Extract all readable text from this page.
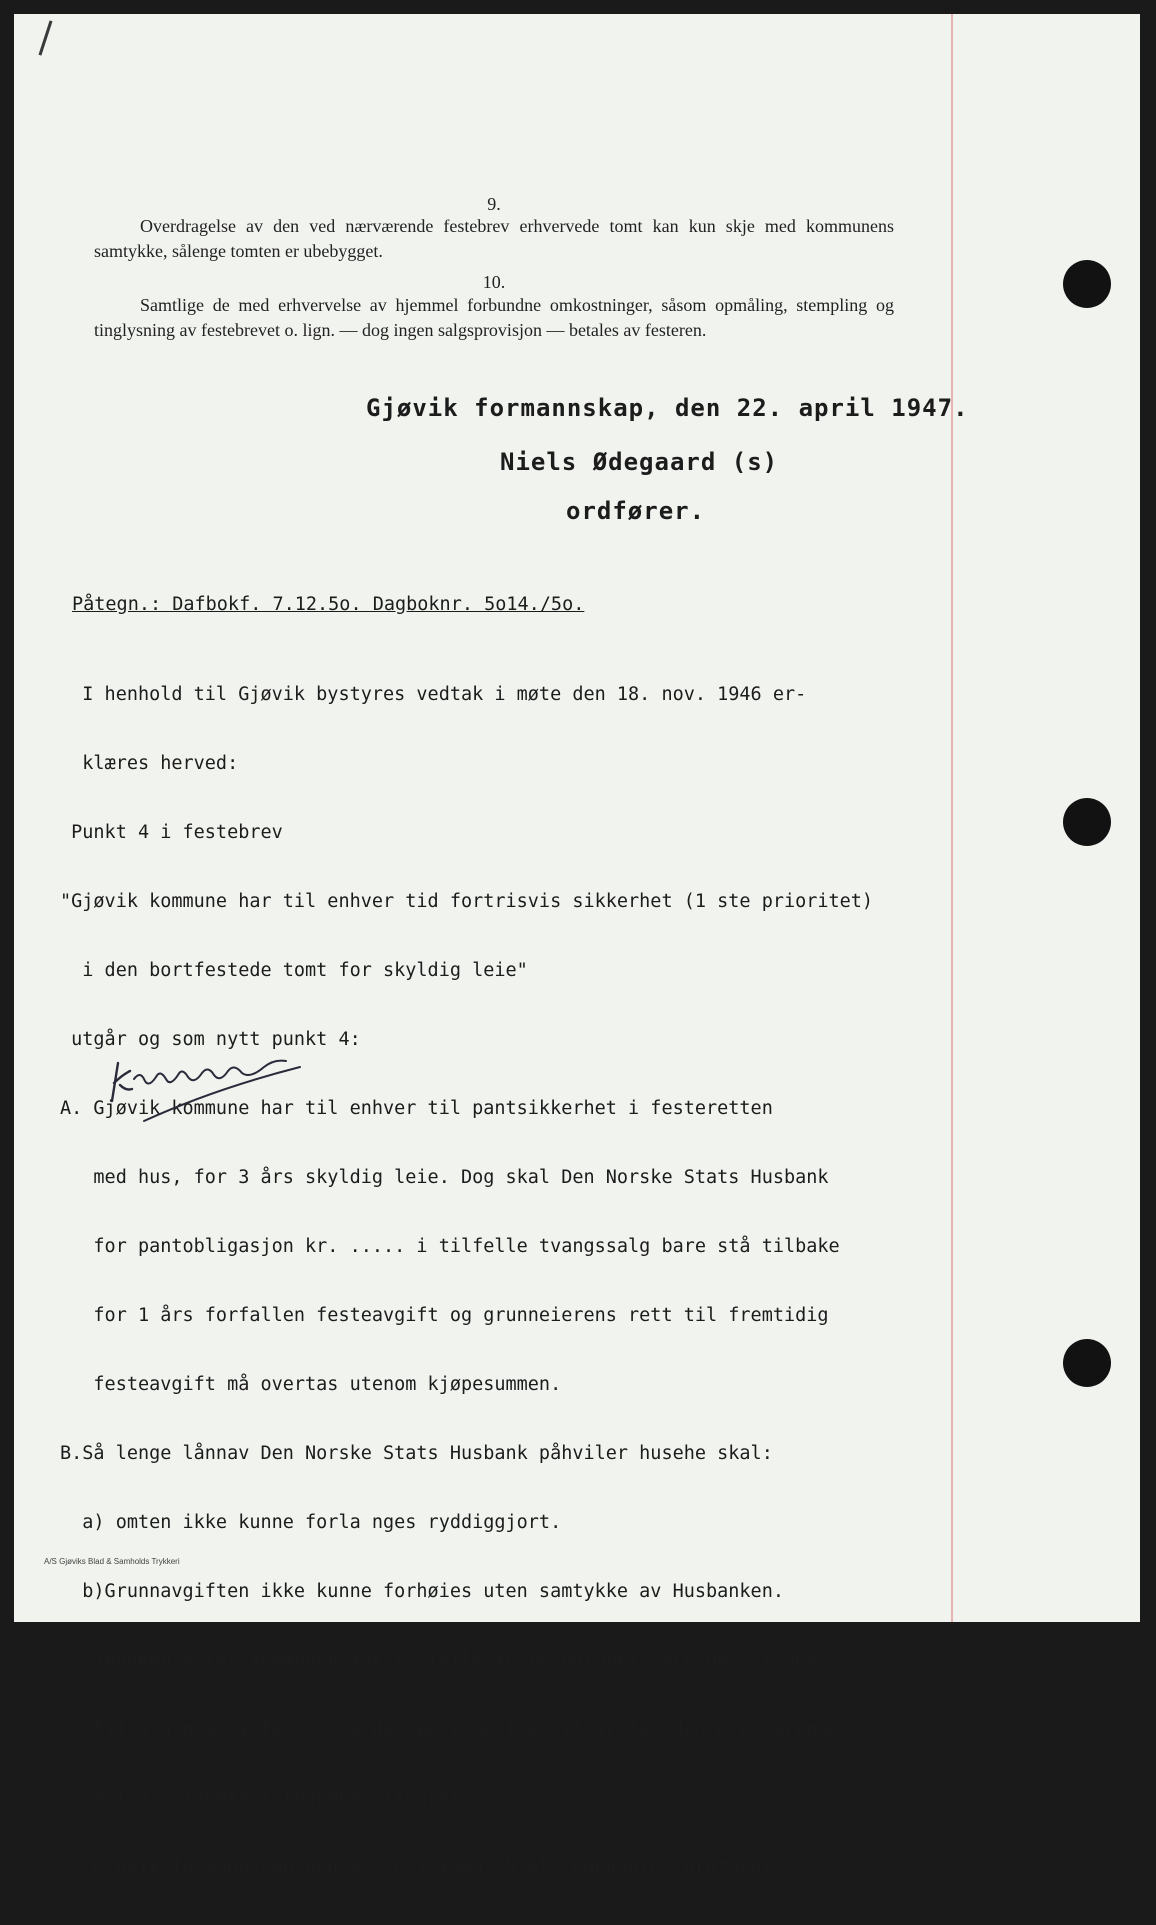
9.

Overdragelse av den ved nærværende festebrev erhvervede tomt kan kun skje med kommunens samtykke, sålenge tomten er ubebygget.

10.

Samtlige de med erhvervelse av hjemmel forbundne omkostninger, såsom opmåling, stempling og tinglysning av festebrevet o. lign. — dog ingen salgsprovisjon — betales av festeren.

Gjøvik formannskap, den 22. april 1947.

Niels Ødegaard (s)

ordfører.

Påtegn.: Dafbokf. 7.12.5o. Dagboknr. 5o14./5o.

I henhold til Gjøvik bystyres vedtak i møte den 18. nov. 1946 er-

klæres herved:

Punkt 4 i festebrev

"Gjøvik kommune har til enhver tid fortrisvis sikkerhet (1 ste prioritet)

i den bortfestede tomt for skyldig leie"

utgår og som nytt punkt 4:

A. Gjøvik kommune har til enhver til pantsikkerhet i festeretten

med hus, for 3 års skyldig leie. Dog skal Den Norske Stats Husbank

for pantobligasjon kr. ..... i tilfelle tvangssalg bare stå tilbake

for 1 års forfallen festeavgift og grunneierens rett til fremtidig

festeavgift må overtas utenom kjøpesummen.

B.Så lenge lånnav Den Norske Stats Husbank påhviler husehe skal:

a) omten ikke kunne forla nges ryddiggjort.

b)Grunnavgiften ikke kunne forhøies uten samtykke av Husbanken.

c)Banken eller kommunen for tilfelle fesreledighet være berettiget

til å a-nta ny fester på de opprinnelige vilkår for den gje værende

del a v lånets tilbakebetalingstid.

Gjøvik formannskap den 9. juli 1949. Niels Ødegaard. ordfører.

A/S Gjøviks Blad & Samholds Trykkeri
